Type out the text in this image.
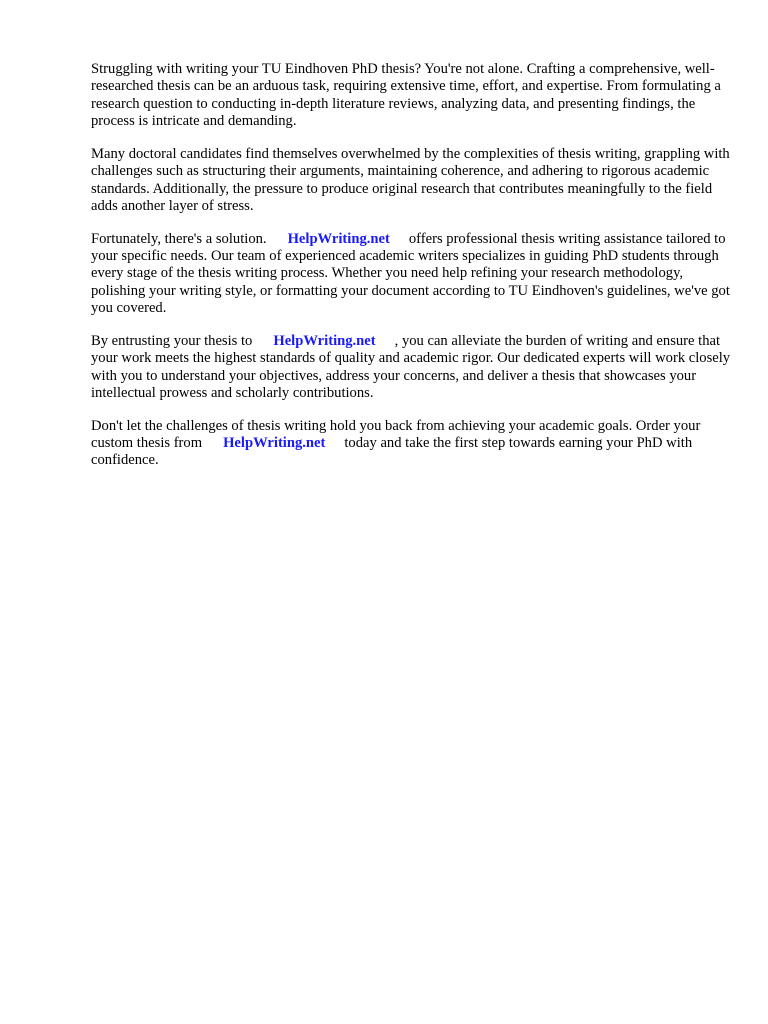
Struggling with writing your TU Eindhoven PhD thesis? You're not alone. Crafting a comprehensive, well-researched thesis can be an arduous task, requiring extensive time, effort, and expertise. From formulating a research question to conducting in-depth literature reviews, analyzing data, and presenting findings, the process is intricate and demanding.

Many doctoral candidates find themselves overwhelmed by the complexities of thesis writing, grappling with challenges such as structuring their arguments, maintaining coherence, and adhering to rigorous academic standards. Additionally, the pressure to produce original research that contributes meaningfully to the field adds another layer of stress.

Fortunately, there's a solution. HelpWriting.net offers professional thesis writing assistance tailored to your specific needs. Our team of experienced academic writers specializes in guiding PhD students through every stage of the thesis writing process. Whether you need help refining your research methodology, polishing your writing style, or formatting your document according to TU Eindhoven's guidelines, we've got you covered.

By entrusting your thesis to HelpWriting.net , you can alleviate the burden of writing and ensure that your work meets the highest standards of quality and academic rigor. Our dedicated experts will work closely with you to understand your objectives, address your concerns, and deliver a thesis that showcases your intellectual prowess and scholarly contributions.

Don't let the challenges of thesis writing hold you back from achieving your academic goals. Order your custom thesis from HelpWriting.net today and take the first step towards earning your PhD with confidence.
